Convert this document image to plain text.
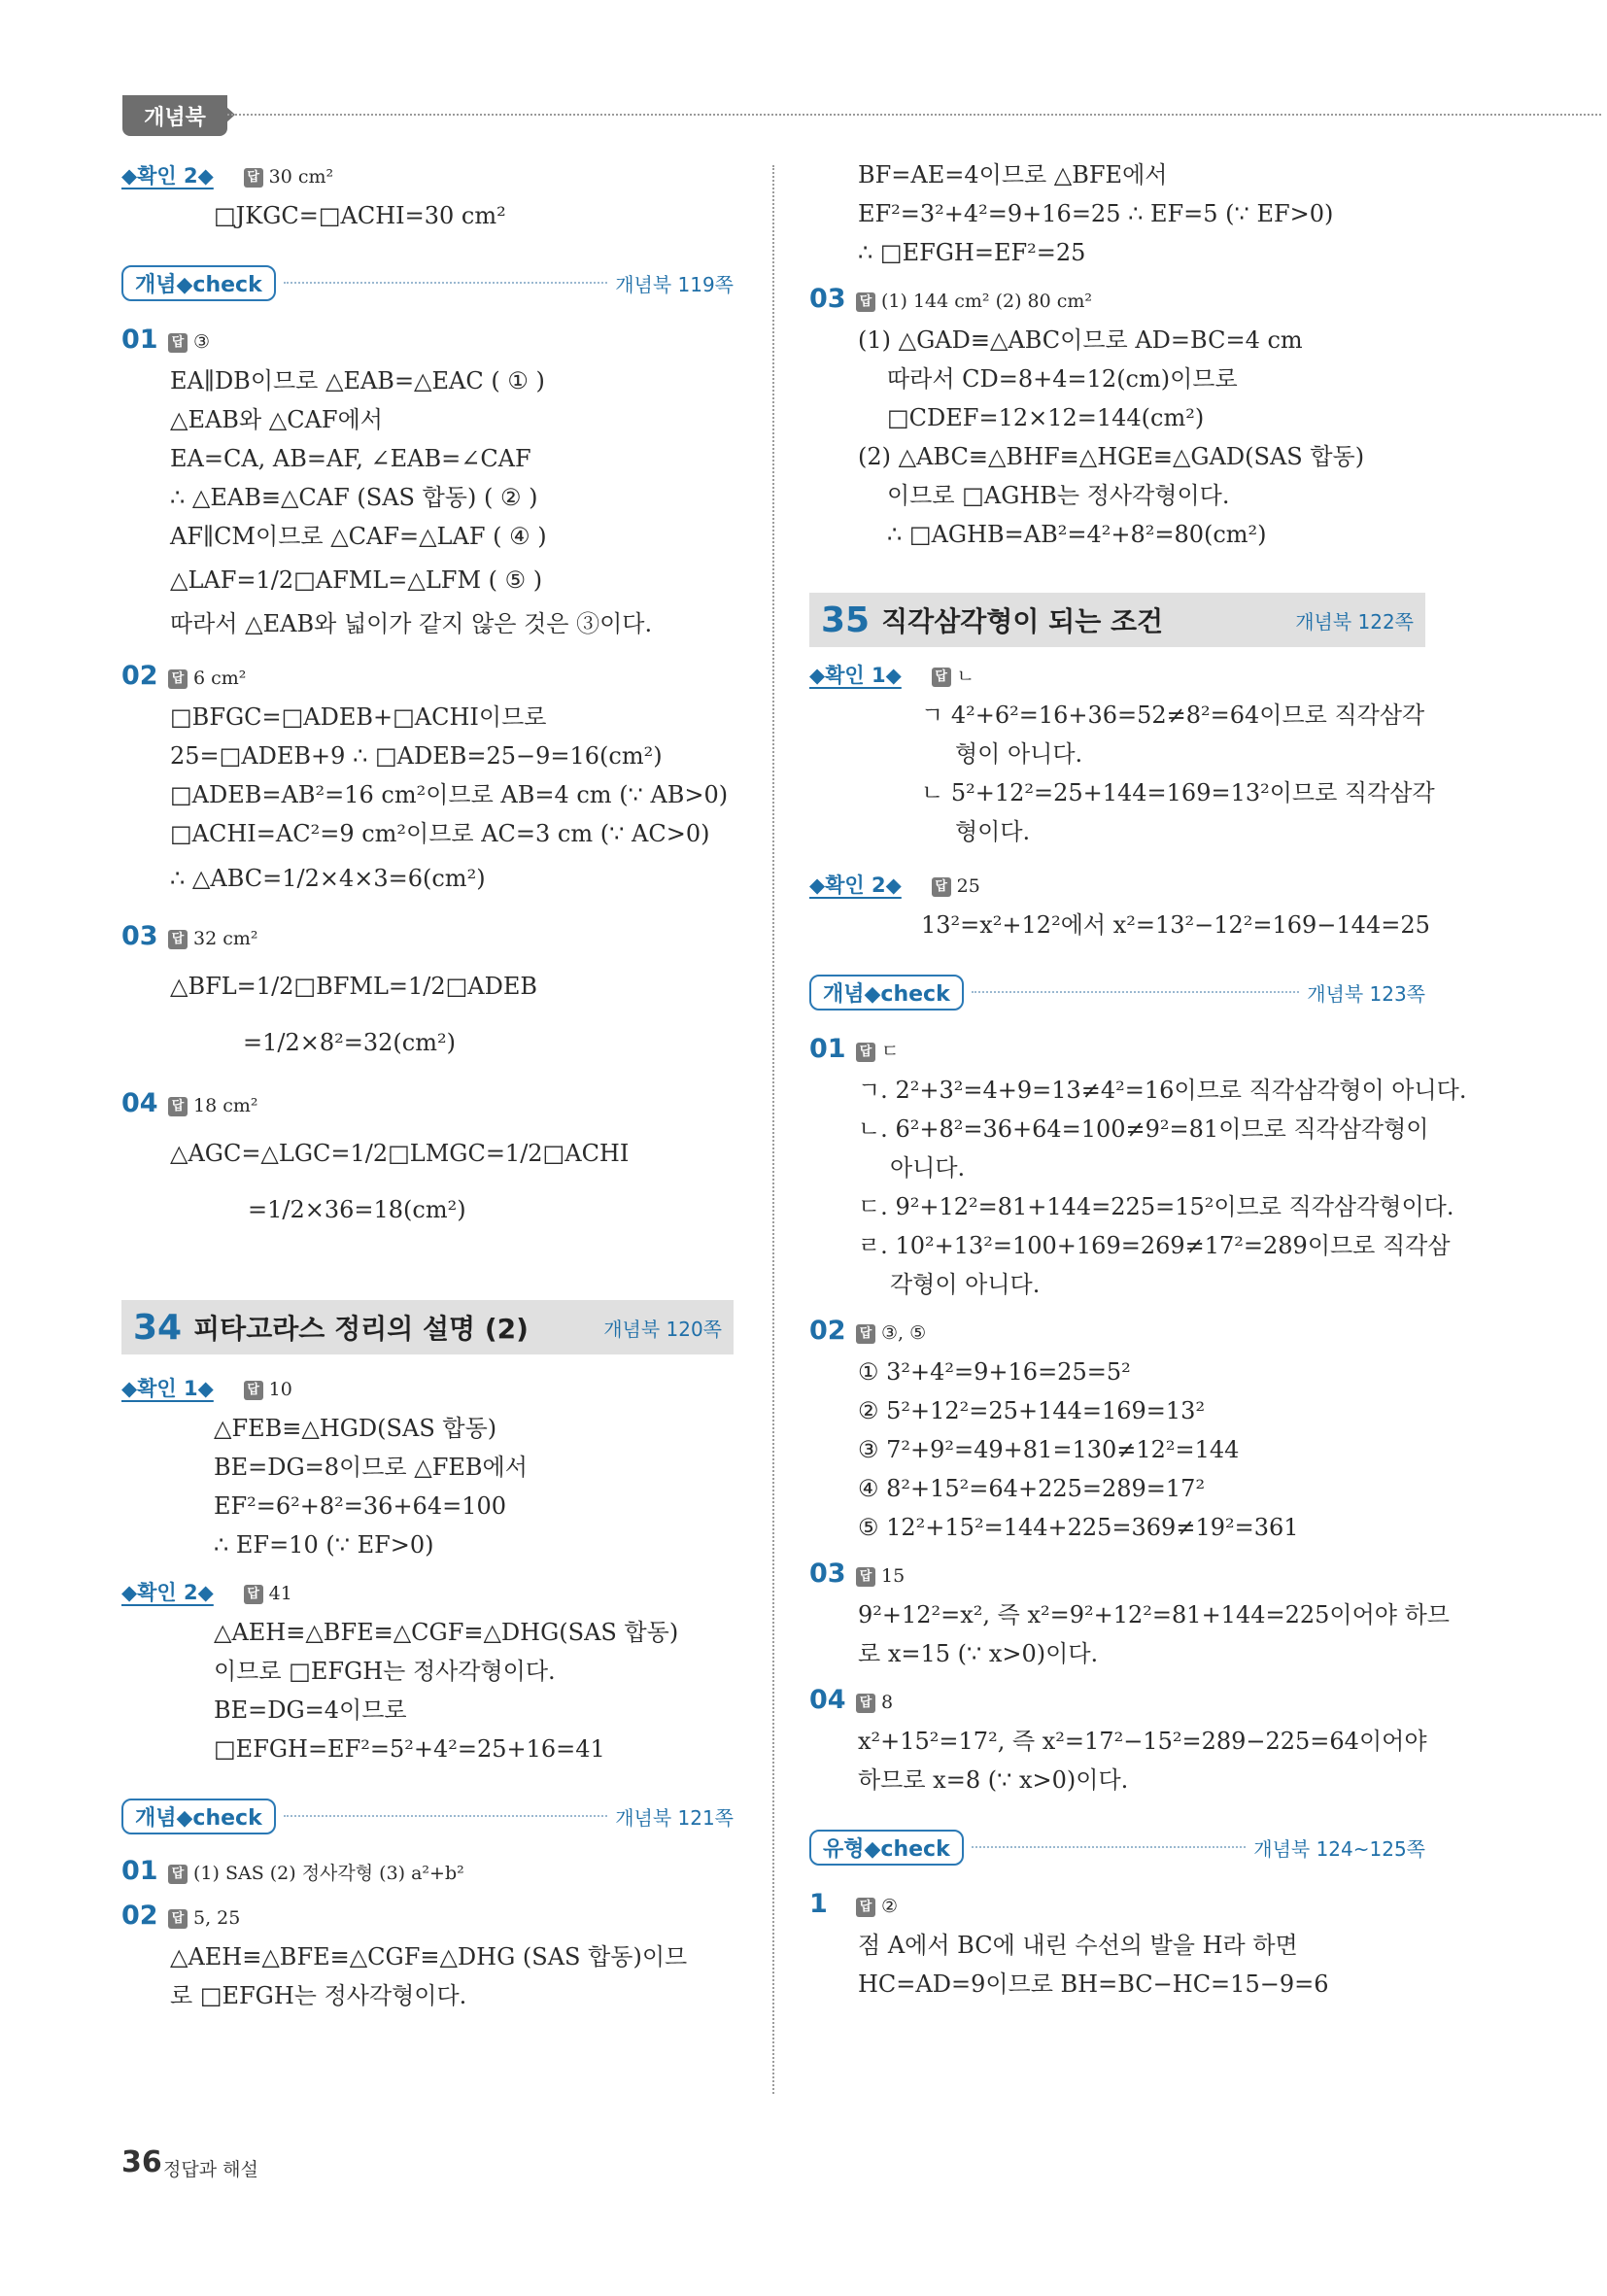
개념북
◆확인 2◆	답 30 cm²
□JKGC=□ACHI=30 cm²
개념◆check	개념북 119쪽
01 답 ③
EA∥DB이므로 △EAB=△EAC ( ① )
△EAB와 △CAF에서
EA=CA, AB=AF, ∠EAB=∠CAF
∴ △EAB≡△CAF (SAS 합동) ( ② )
AF∥CM이므로 △CAF=△LAF ( ④ )
△LAF=1/2□AFML=△LFM ( ⑤ )
따라서 △EAB와 넓이가 같지 않은 것은 ③이다.
02 답 6 cm²
□BFGC=□ADEB+□ACHI이므로
25=□ADEB+9 ∴ □ADEB=25−9=16(cm²)
□ADEB=AB²=16 cm²이므로 AB=4 cm (∵ AB>0)
□ACHI=AC²=9 cm²이므로 AC=3 cm (∵ AC>0)
∴ △ABC=1/2×4×3=6(cm²)
03 답 32 cm²
△BFL=1/2□BFML=1/2□ADEB
=1/2×8²=32(cm²)
04 답 18 cm²
△AGC=△LGC=1/2□LMGC=1/2□ACHI
=1/2×36=18(cm²)
34 피타고라스 정리의 설명 (2)	개념북 120쪽
◆확인 1◆	답 10
△FEB≡△HGD(SAS 합동)
BE=DG=8이므로 △FEB에서
EF²=6²+8²=36+64=100
∴ EF=10 (∵ EF>0)
◆확인 2◆	답 41
△AEH≡△BFE≡△CGF≡△DHG(SAS 합동)
이므로 □EFGH는 정사각형이다.
BE=DG=4이므로
□EFGH=EF²=5²+4²=25+16=41
개념◆check	개념북 121쪽
01 답 (1) SAS (2) 정사각형 (3) a²+b²
02 답 5, 25
△AEH≡△BFE≡△CGF≡△DHG (SAS 합동)이므
로 □EFGH는 정사각형이다.
BF=AE=4이므로 △BFE에서
EF²=3²+4²=9+16=25 ∴ EF=5 (∵ EF>0)
∴ □EFGH=EF²=25
03 답 (1) 144 cm² (2) 80 cm²
(1) △GAD≡△ABC이므로 AD=BC=4 cm
따라서 CD=8+4=12(cm)이므로
□CDEF=12×12=144(cm²)
(2) △ABC≡△BHF≡△HGE≡△GAD(SAS 합동)
이므로 □AGHB는 정사각형이다.
∴ □AGHB=AB²=4²+8²=80(cm²)
35 직각삼각형이 되는 조건	개념북 122쪽
◆확인 1◆	답 ㄴ
ㄱ 4²+6²=16+36=52≠8²=64이므로 직각삼각
형이 아니다.
ㄴ 5²+12²=25+144=169=13²이므로 직각삼각
형이다.
◆확인 2◆	답 25
13²=x²+12²에서 x²=13²−12²=169−144=25
개념◆check	개념북 123쪽
01 답 ㄷ
ㄱ. 2²+3²=4+9=13≠4²=16이므로 직각삼각형이 아니다.
ㄴ. 6²+8²=36+64=100≠9²=81이므로 직각삼각형이
아니다.
ㄷ. 9²+12²=81+144=225=15²이므로 직각삼각형이다.
ㄹ. 10²+13²=100+169=269≠17²=289이므로 직각삼
각형이 아니다.
02 답 ③, ⑤
① 3²+4²=9+16=25=5²
② 5²+12²=25+144=169=13²
③ 7²+9²=49+81=130≠12²=144
④ 8²+15²=64+225=289=17²
⑤ 12²+15²=144+225=369≠19²=361
03 답 15
9²+12²=x², 즉 x²=9²+12²=81+144=225이어야 하므
로 x=15 (∵ x>0)이다.
04 답 8
x²+15²=17², 즉 x²=17²−15²=289−225=64이어야
하므로 x=8 (∵ x>0)이다.
유형◆check	개념북 124~125쪽
1	답 ②
점 A에서 BC에 내린 수선의 발을 H라 하면
HC=AD=9이므로 BH=BC−HC=15−9=6
36 정답과 해설
